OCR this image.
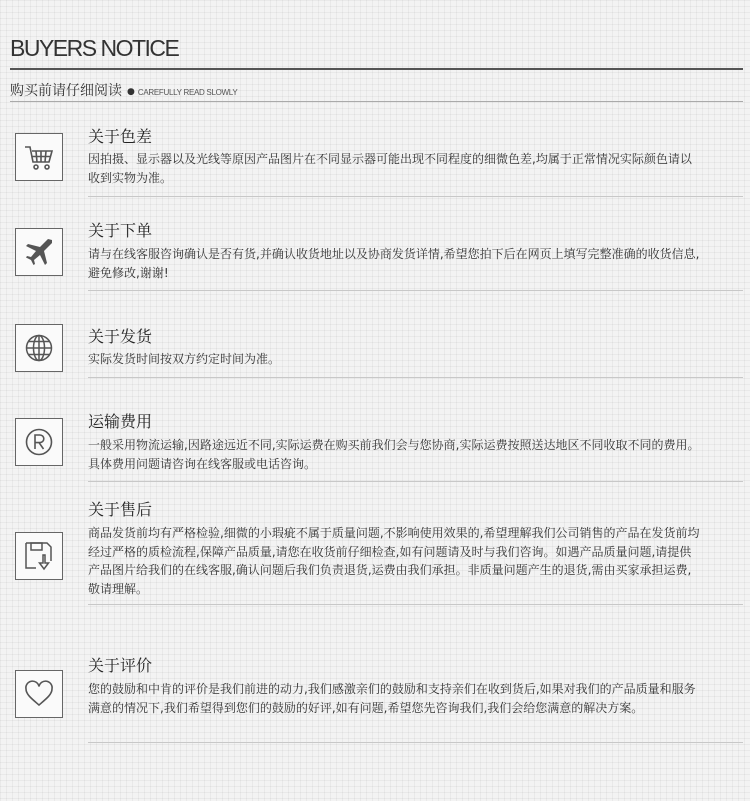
BUYERS NOTICE
购买前请仔细阅读 ● CAREFULLY READ SLOWLY
关于色差

因拍摄、显示器以及光线等原因产品图片在不同显示器可能出现不同程度的细微色差,均属于正常情况实际颜色请以收到实物为准。

关于下单

请与在线客服咨询确认是否有货,并确认收货地址以及协商发货详情,希望您拍下后在网页上填写完整准确的收货信息,避免修改,谢谢!

关于发货

实际发货时间按双方约定时间为准。

运输费用

一般采用物流运输,因路途远近不同,实际运费在购买前我们会与您协商,实际运费按照送达地区不同收取不同的费用。具体费用问题请咨询在线客服或电话咨询。

关于售后

商品发货前均有严格检验,细微的小瑕疵不属于质量问题,不影响使用效果的,希望理解我们公司销售的产品在发货前均经过严格的质检流程,保障产品质量,请您在收货前仔细检查,如有问题请及时与我们咨询。如遇产品质量问题,请提供 产品图片给我们的在线客服,确认问题后我们负责退货,运费由我们承担。非质量问题产生的退货,需由买家承担运费,敬请理解。

关于评价

您的鼓励和中肯的评价是我们前进的动力,我们感激亲们的鼓励和支持亲们在收到货后,如果对我们的产品质量和服务满意的情况下,我们希望得到您们的鼓励的好评,如有问题,希望您先咨询我们,我们会给您满意的解决方案。
